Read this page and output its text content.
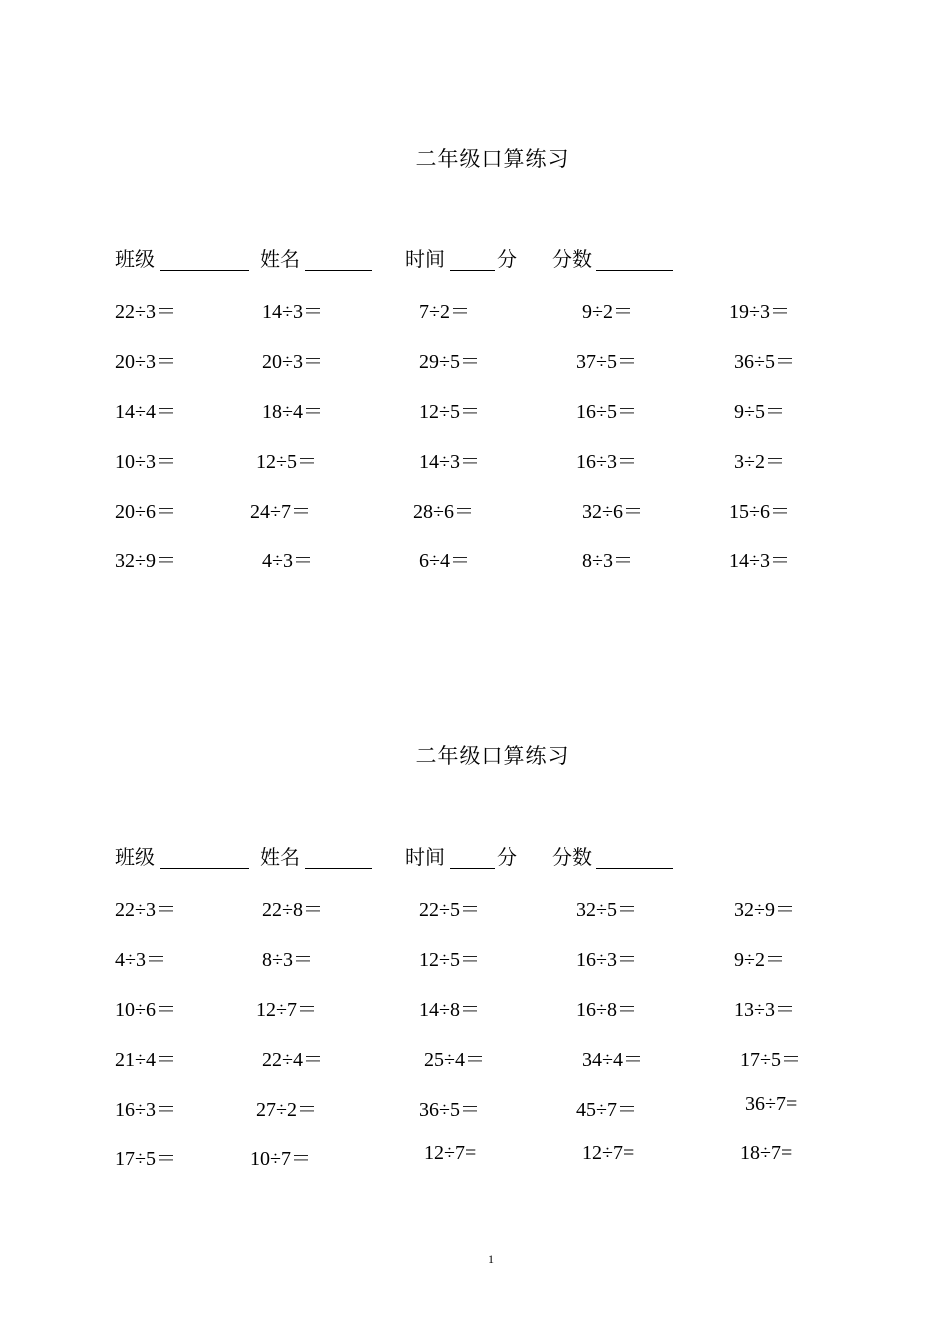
二年级口算练习
班级	姓名	时间	分 分数
22÷3＝	14÷3＝	7÷2＝	9÷2＝	19÷3＝
20÷3＝	20÷3＝	29÷5＝	37÷5＝	36÷5＝
14÷4＝	18÷4＝	12÷5＝	16÷5＝	9÷5＝
10÷3＝	12÷5＝	14÷3＝	16÷3＝	3÷2＝
20÷6＝	24÷7＝	28÷6＝	32÷6＝	15÷6＝
32÷9＝	4÷3＝	6÷4＝	8÷3＝	14÷3＝
二年级口算练习
班级	姓名	时间	分 分数
22÷3＝	22÷8＝	22÷5＝	32÷5＝	32÷9＝
4÷3＝	8÷3＝	12÷5＝	16÷3＝	9÷2＝
10÷6＝	12÷7＝	14÷8＝	16÷8＝	13÷3＝
21÷4＝	22÷4＝	25÷4＝	34÷4＝	17÷5＝
16÷3＝	27÷2＝	36÷5＝	45÷7＝	36÷7=
17÷5＝	10÷7＝	12÷7=	12÷7=	18÷7=
1
